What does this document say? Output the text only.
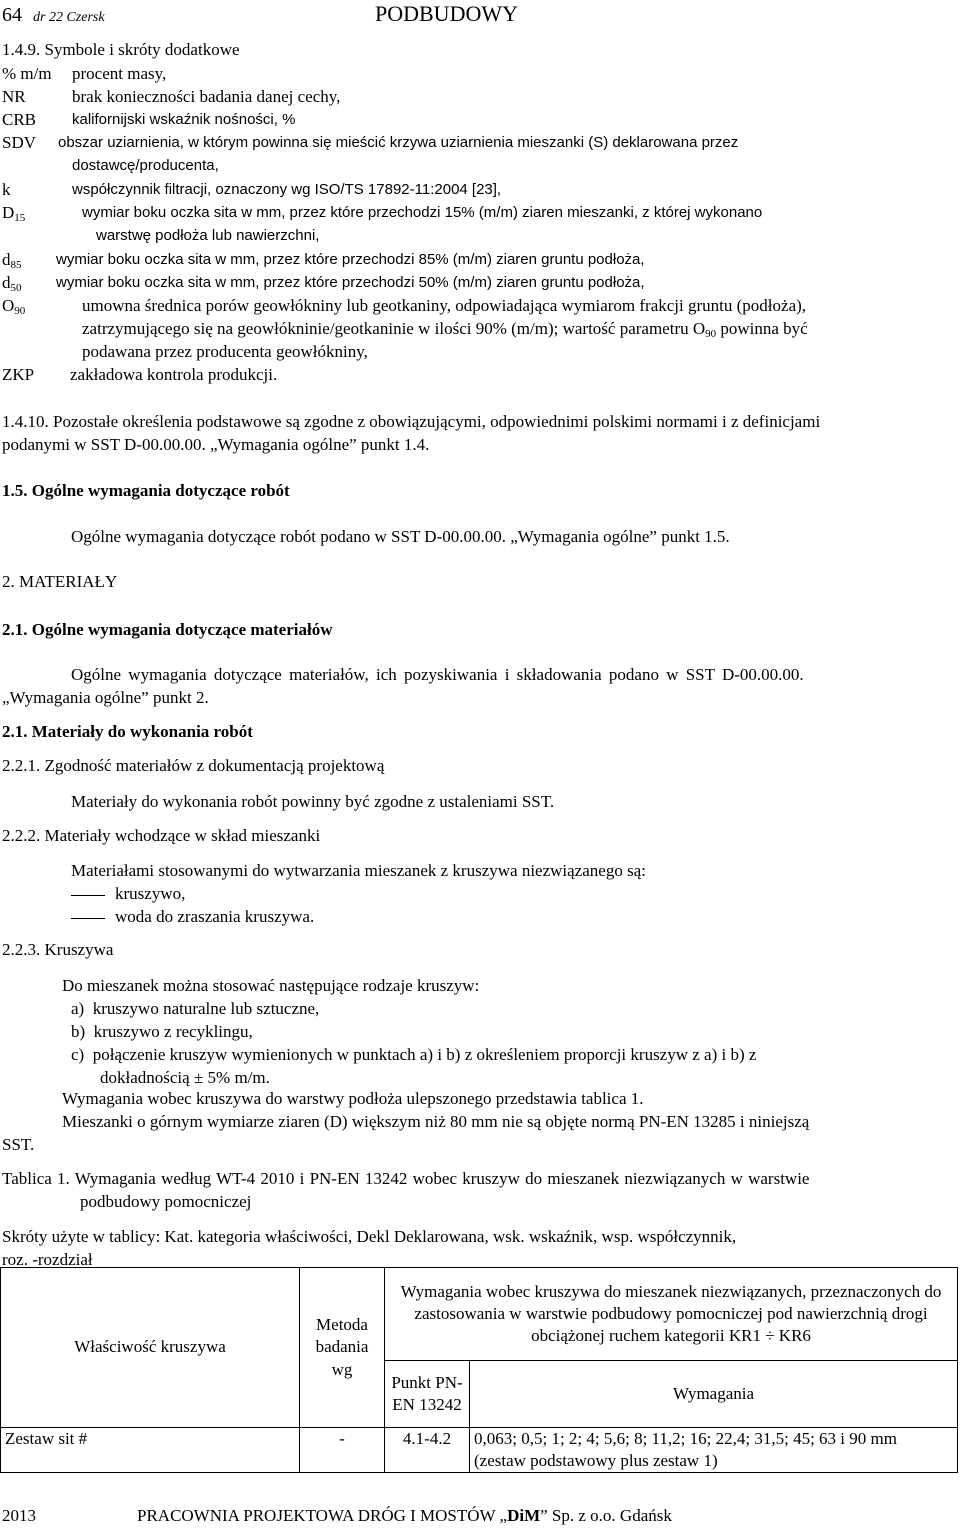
64 dr 22 Czersk	PODBUDOWY
1.4.9. Symbole i skróty dodatkowe
% m/m procent masy,
NR	brak konieczności badania danej cechy,
CRB kalifornijski wskaźnik nośności, %
SDV obszar uziarnienia, w którym powinna się mieścić krzywa uziarnienia mieszanki (S) deklarowana przez
dostawcę/producenta,
k	współczynnik filtracji, oznaczony wg ISO/TS 17892-11:2004 [23],
$D_{15}$	wymiar boku oczka sita w mm, przez które przechodzi 15% (m/m) ziaren mieszanki, z której wykonano
warstwę podłoża lub nawierzchni,
$d_{85}$ wymiar boku oczka sita w mm, przez które przechodzi 85% (m/m) ziaren gruntu podłoża,
$d_{50}$ wymiar boku oczka sita w mm, przez które przechodzi 50% (m/m) ziaren gruntu podłoża,
$O_{90}$	umowna średnica porów geowłókniny lub geotkaniny, odpowiadająca wymiarom frakcji gruntu (podłoża),
zatrzymującego się na geowłókninie/geotkaninie w ilości 90% (m/m); wartość parametru $O_{90}$ powinna być
podawana przez producenta geowłókniny,
ZKP zakładowa kontrola produkcji.
1.4.10. Pozostałe określenia podstawowe są zgodne z obowiązującymi, odpowiednimi polskimi normami i z definicjami
podanymi w SST D-00.00.00. „Wymagania ogólne” punkt 1.4.
1.5. Ogólne wymagania dotyczące robót
Ogólne wymagania dotyczące robót podano w SST D-00.00.00. „Wymagania ogólne” punkt 1.5.
2. MATERIAŁY
2.1. Ogólne wymagania dotyczące materiałów
Ogólne wymagania dotyczące materiałów, ich pozyskiwania i składowania podano w SST D-00.00.00.
„Wymagania ogólne” punkt 2.
2.1. Materiały do wykonania robót
2.2.1. Zgodność materiałów z dokumentacją projektową
Materiały do wykonania robót powinny być zgodne z ustaleniami SST.
2.2.2. Materiały wchodzące w skład mieszanki
Materiałami stosowanymi do wytwarzania mieszanek z kruszywa niezwiązanego są:
kruszywo,
woda do zraszania kruszywa.
2.2.3. Kruszywa
Do mieszanek można stosować następujące rodzaje kruszyw:
a) kruszywo naturalne lub sztuczne,
b) kruszywo z recyklingu,
c) połączenie kruszyw wymienionych w punktach a) i b) z określeniem proporcji kruszyw z a) i b) z
dokładnością ± 5% m/m.
Wymagania wobec kruszywa do warstwy podłoża ulepszonego przedstawia tablica 1.
Mieszanki o górnym wymiarze ziaren (D) większym niż 80 mm nie są objęte normą PN-EN 13285 i niniejszą
SST.
Tablica 1. Wymagania według WT-4 2010 i PN-EN 13242 wobec kruszyw do mieszanek niezwiązanych w warstwie
podbudowy pomocniczej
Skróty użyte w tablicy: Kat. kategoria właściwości, Dekl Deklarowana, wsk. wskaźnik, wsp. współczynnik,
roz. -rozdział
Właściwość kruszywa	Metoda badania wg	Wymagania wobec kruszywa do mieszanek niezwiązanych, przeznaczonych do zastosowania w warstwie podbudowy pomocniczej pod nawierzchnią drogi obciążonej ruchem kategorii KR1 ÷ KR6	
		Punkt PN-EN 13242	Wymagania
Zestaw sit #	-	4.1-4.2	0,063; 0,5; 1; 2; 4; 5,6; 8; 11,2; 16; 22,4; 31,5; 45; 63 i 90 mm (zestaw podstawowy plus zestaw 1)
2013	PRACOWNIA PROJEKTOWA DRÓG I MOSTÓW „DiM” Sp. z o.o. Gdańsk
